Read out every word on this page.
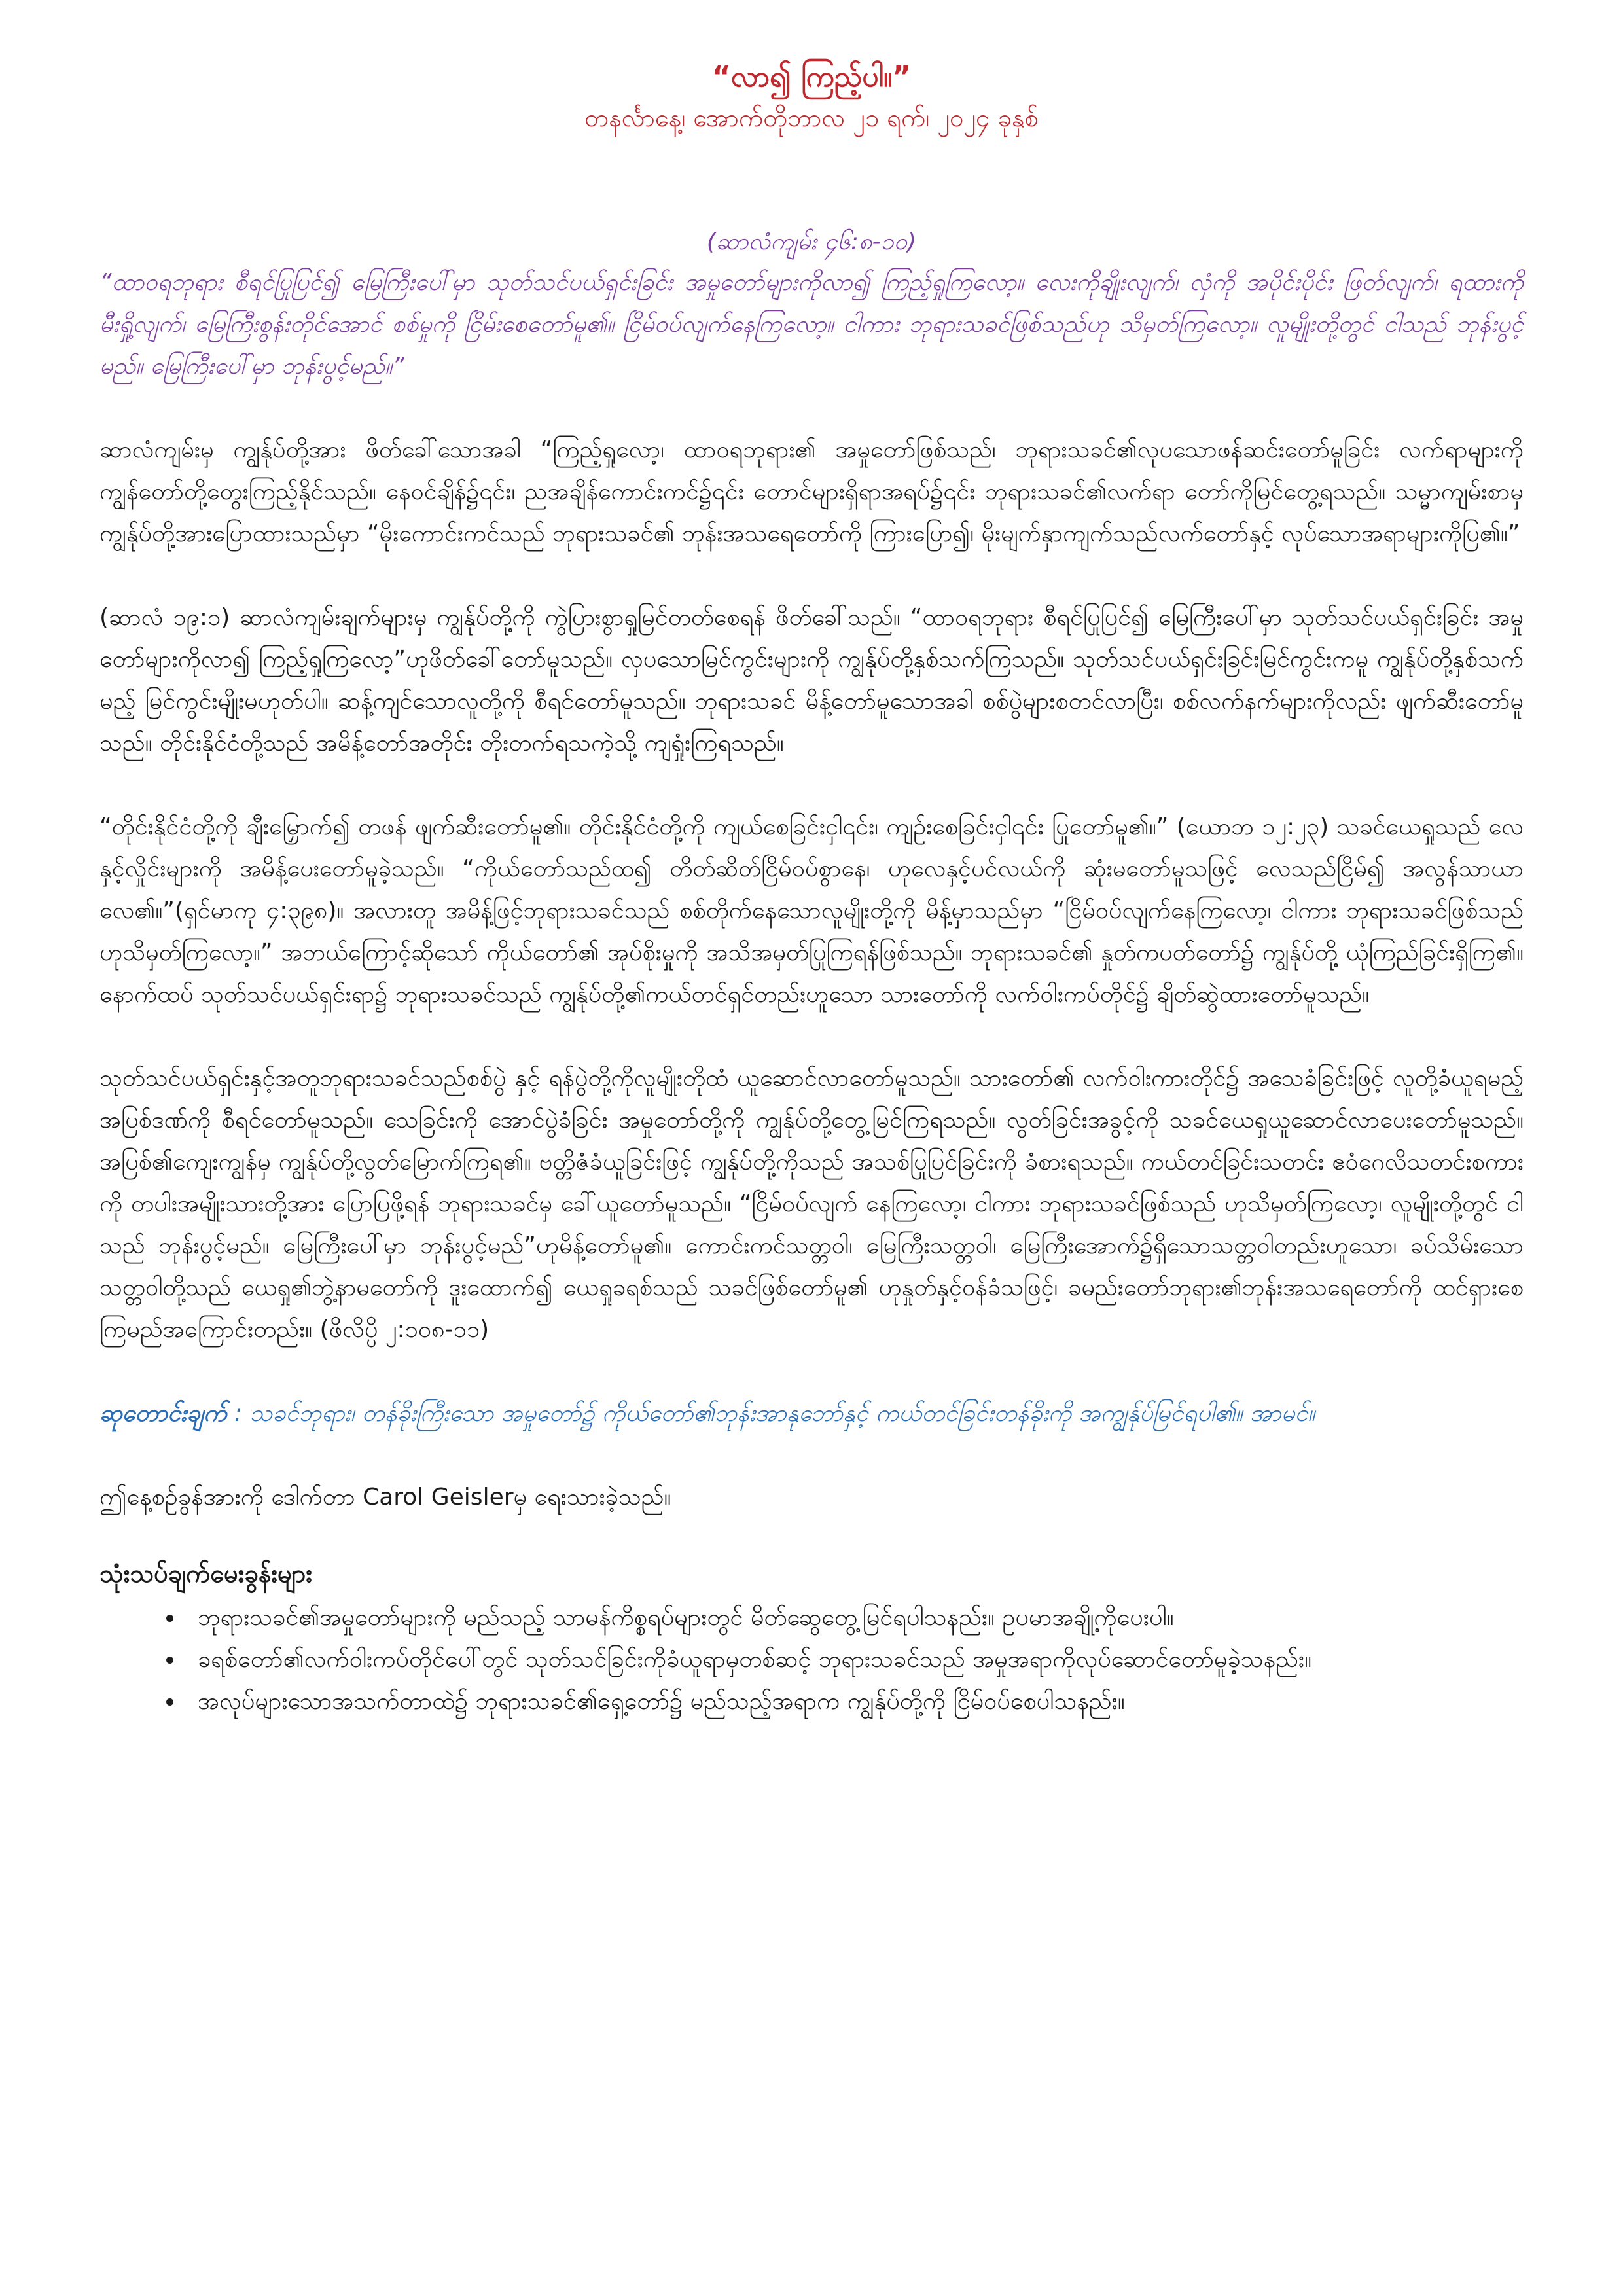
“လာ၍ ကြည့်ပါ။”

တနင်္လာနေ့၊ အောက်တိုဘာလ ၂၁ ရက်၊ ၂၀၂၄ ခုနှစ်

(ဆာလံကျမ်း ၄၆:၈-၁၀)

“ထာဝရဘုရား စီရင်ပြုပြင်၍ မြေကြီးပေါ်မှာ သုတ်သင်ပယ်ရှင်းခြင်း အမှုတော်များကိုလာ၍ ကြည့်ရှုကြလော့။ လေးကိုချိုးလျက်၊ လှံကို အပိုင်းပိုင်း ဖြတ်လျက်၊ ရထားကို မီးရှို့လျက်၊ မြေကြီးစွန်းတိုင်အောင် စစ်မှုကို ငြိမ်းစေတော်မူ၏။ ငြိမ်ဝပ်လျက်နေကြလော့။ ငါကား ဘုရားသခင်ဖြစ်သည်ဟု သိမှတ်ကြလော့။ လူမျိုးတို့တွင် ငါသည် ဘုန်းပွင့်မည်။ မြေကြီးပေါ်မှာ ဘုန်းပွင့်မည်။”

ဆာလံကျမ်းမှ ကျွန်ုပ်တို့အား ဖိတ်ခေါ်သောအခါ “ကြည့်ရှုလော့၊ ထာဝရဘုရား၏ အမှုတော်ဖြစ်သည်၊ ဘုရားသခင်၏လုပသောဖန်ဆင်းတော်မူခြင်း လက်ရာများကို ကျွန်တော်တို့တွေးကြည့်နိုင်သည်။ နေဝင်ချိန်၌၎င်း၊ ညအချိန်ကောင်းကင်၌၎င်း တောင်များရှိရာအရပ်၌၎င်း ဘုရားသခင်၏လက်ရာ တော်ကိုမြင်တွေ့ရသည်။ သမ္မာကျမ်းစာမှ ကျွန်ုပ်တို့အားပြောထားသည်မှာ “မိုးကောင်းကင်သည် ဘုရားသခင်၏ ဘုန်းအသရေတော်ကို ကြားပြော၍၊ မိုးမျက်နှာကျက်သည်လက်တော်နှင့် လုပ်သောအရာများကိုပြ၏။”

(ဆာလံ ၁၉:၁) ဆာလံကျမ်းချက်များမှ ကျွန်ုပ်တို့ကို ကွဲပြားစွာရှုမြင်တတ်စေရန် ဖိတ်ခေါ်သည်။ “ထာဝရဘုရား စီရင်ပြုပြင်၍ မြေကြီးပေါ်မှာ သုတ်သင်ပယ်ရှင်းခြင်း အမှုတော်များကိုလာ၍ ကြည့်ရှုကြလော့”ဟုဖိတ်ခေါ်တော်မူသည်။ လှပသောမြင်ကွင်းများကို ကျွန်ုပ်တို့နှစ်သက်ကြသည်။ သုတ်သင်ပယ်ရှင်းခြင်းမြင်ကွင်းကမူ ကျွန်ုပ်တို့နှစ်သက်မည့် မြင်ကွင်းမျိုးမဟုတ်ပါ။ ဆန့်ကျင်သောလူတို့ကို စီရင်တော်မူသည်။ ဘုရားသခင် မိန့်တော်မူသောအခါ စစ်ပွဲများစတင်လာပြီး၊ စစ်လက်နက်များကိုလည်း ဖျက်ဆီးတော်မူသည်။ တိုင်းနိုင်ငံတို့သည် အမိန့်တော်အတိုင်း တိုးတက်ရသကဲ့သို့ ကျရှုံးကြရသည်။

“တိုင်းနိုင်ငံတို့ကို ချီးမြှောက်၍ တဖန် ဖျက်ဆီးတော်မူ၏။ တိုင်းနိုင်ငံတို့ကို ကျယ်စေခြင်းငှါ၎င်း၊ ကျဉ်းစေခြင်းငှါ၎င်း ပြုတော်မူ၏။” (ယောဘ ၁၂:၂၃) သခင်ယေရှုသည် လေနှင့်လှိုင်းများကို အမိန့်ပေးတော်မူခဲ့သည်။ “ကိုယ်တော်သည်ထ၍ တိတ်ဆိတ်ငြိမ်ဝပ်စွာနေ၊ ဟုလေနှင့်ပင်လယ်ကို ဆုံးမတော်မူသဖြင့် လေသည်ငြိမ်၍ အလွန်သာယာလေ၏။”(ရှင်မာကု ၄:၃၉၈)။ အလားတူ အမိန့်ဖြင့်ဘုရားသခင်သည် စစ်တိုက်နေသောလူမျိုးတို့ကို မိန့်မှာသည်မှာ “ငြိမ်ဝပ်လျက်နေကြလော့၊ ငါကား ဘုရားသခင်ဖြစ်သည် ဟုသိမှတ်ကြလော့။” အဘယ်ကြောင့်ဆိုသော် ကိုယ်တော်၏ အုပ်စိုးမှုကို အသိအမှတ်ပြုကြရန်ဖြစ်သည်။ ဘုရားသခင်၏ နှုတ်ကပတ်တော်၌ ကျွန်ုပ်တို့ ယုံကြည်ခြင်းရှိကြ၏။ နောက်ထပ် သုတ်သင်ပယ်ရှင်းရာ၌ ဘုရားသခင်သည် ကျွန်ုပ်တို့၏ကယ်တင်ရှင်တည်းဟူသော သားတော်ကို လက်ဝါးကပ်တိုင်၌ ချိတ်ဆွဲထားတော်မူသည်။

သုတ်သင်ပယ်ရှင်းနှင့်အတူဘုရားသခင်သည်စစ်ပွဲ နှင့် ရန်ပွဲတို့ကိုလူမျိုးတိုထံ ယူဆောင်လာတော်မူသည်။ သားတော်၏ လက်ဝါးကားတိုင်၌ အသေခံခြင်းဖြင့် လူတို့ခံယူရမည့် အပြစ်ဒဏ်ကို စီရင်တော်မူသည်။ သေခြင်းကို အောင်ပွဲခံခြင်း အမှုတော်တို့ကို ကျွန်ုပ်တို့တွေ့မြင်ကြရသည်။ လွတ်ခြင်းအခွင့်ကို သခင်ယေရှုယူဆောင်လာပေးတော်မူသည်။ အပြစ်၏ကျေးကျွန်မှ ကျွန်ုပ်တို့လွတ်မြောက်ကြရ၏။ ဗတ္တိဇံခံယူခြင်းဖြင့် ကျွန်ုပ်တို့ကိုသည် အသစ်ပြုပြင်ခြင်းကို ခံစားရသည်။ ကယ်တင်ခြင်းသတင်း ဧဝံဂေလိသတင်းစကားကို တပါးအမျိုးသားတို့အား ပြောပြဖို့ရန် ဘုရားသခင်မှ ခေါ်ယူတော်မူသည်။ “ငြိမ်ဝပ်လျက် နေကြလော့၊ ငါကား ဘုရားသခင်ဖြစ်သည် ဟုသိမှတ်ကြလော့၊ လူမျိုးတို့တွင် ငါသည် ဘုန်းပွင့်မည်။ မြေကြီးပေါ်မှာ ဘုန်းပွင့်မည်”ဟုမိန့်တော်မူ၏။ ကောင်းကင်သတ္တဝါ၊ မြေကြီးသတ္တဝါ၊ မြေကြီးအောက်၌ရှိသောသတ္တဝါတည်းဟူသော၊ ခပ်သိမ်းသော သတ္တဝါတို့သည် ယေရှု၏ဘွဲ့နာမတော်ကို ဒူးထောက်၍ ယေရှုခရစ်သည် သခင်ဖြစ်တော်မူ၏ ဟုနှုတ်နှင့်ဝန်ခံသဖြင့်၊ ခမည်းတော်ဘုရား၏ဘုန်းအသရေတော်ကို ထင်ရှားစေကြမည်အကြောင်းတည်း။ (ဖိလိပ္ပိ ၂:၁၀၈-၁၁)

ဆုတောင်းချက် : သခင်ဘုရား၊ တန်ခိုးကြီးသော အမှုတော်၌ ကိုယ်တော်၏ဘုန်းအာနုဘော်နှင့် ကယ်တင်ခြင်းတန်ခိုးကို အကျွန်ုပ်မြင်ရပါ၏။ အာမင်။

ဤနေ့စဉ်ခွန်အားကို ဒေါက်တာ Carol Geislerမှ ရေးသားခဲ့သည်။

သုံးသပ်ချက်မေးခွန်းများ

• ဘုရားသခင်၏အမှုတော်များကို မည်သည့် သာမန်ကိစ္စရပ်များတွင် မိတ်ဆွေတွေ့မြင်ရပါသနည်း။ ဥပမာအချို့ကိုပေးပါ။
• ခရစ်တော်၏လက်ဝါးကပ်တိုင်ပေါ်တွင် သုတ်သင်ခြင်းကိုခံယူရာမှတစ်ဆင့် ဘုရားသခင်သည် အမှုအရာကိုလုပ်ဆောင်တော်မူခဲ့သနည်း။
• အလုပ်များသောအသက်တာထဲ၌ ဘုရားသခင်၏ရှေ့တော်၌ မည်သည့်အရာက ကျွန်ုပ်တို့ကို ငြိမ်ဝပ်စေပါသနည်း။
